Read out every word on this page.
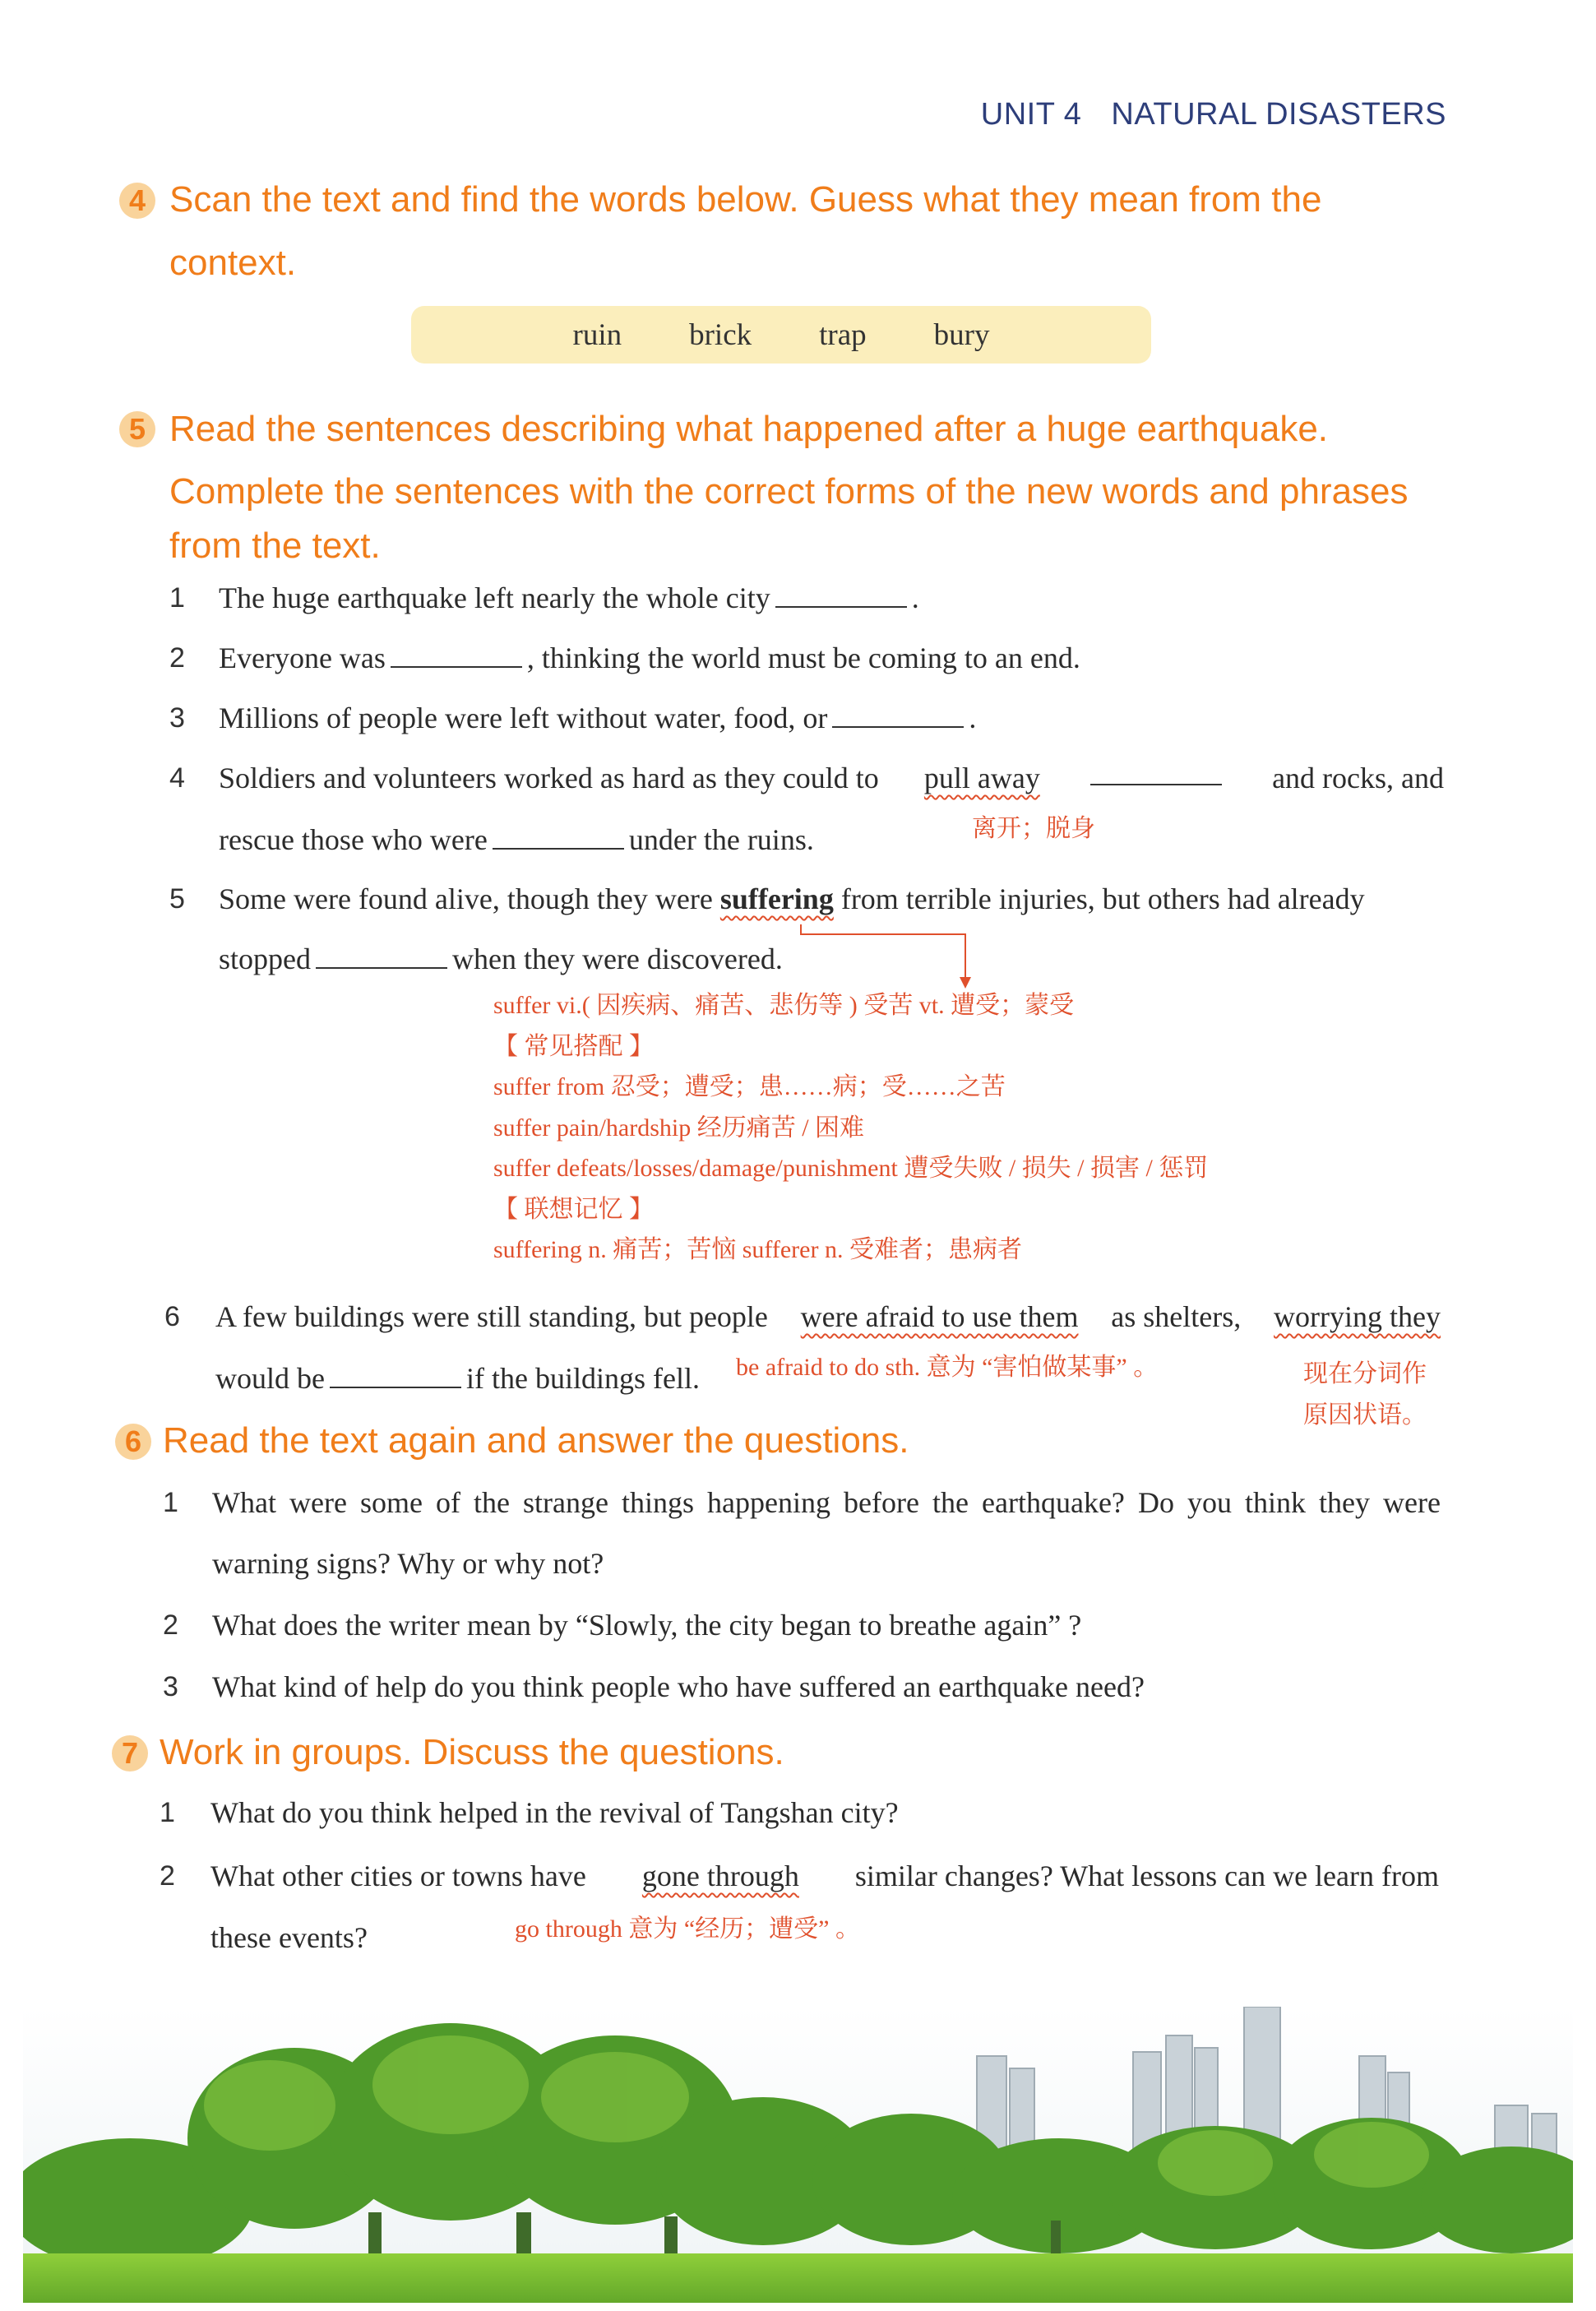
UNIT 4 NATURAL DISASTERS
4 Scan the text and find the words below. Guess what they mean from the
context.
ruin brick trap bury
5 Read the sentences describing what happened after a huge earthquake.
Complete the sentences with the correct forms of the new words and phrases
from the text.
1 The huge earthquake left nearly the whole city	.
2 Everyone was	, thinking the world must be coming to an end.
3 Millions of people were left without water, food, or	.
4 Soldiers and volunteers worked as hard as they could to pull away	and rocks, and
rescue those who were	under the ruins.	离开；脱身
5 Some were found alive, though they were suffering from terrible injuries, but others had already
stopped	when they were discovered.
suffer vi.( 因疾病、痛苦、悲伤等 ) 受苦 vt. 遭受；蒙受
【 常见搭配 】
suffer from 忍受；遭受；患……病；受……之苦
suffer pain/hardship 经历痛苦 / 困难
suffer defeats/losses/damage/punishment 遭受失败 / 损失 / 损害 / 惩罚
【 联想记忆 】
suffering n. 痛苦；苦恼 sufferer n. 受难者；患病者
6 A few buildings were still standing, but people were afraid to use them as shelters, worrying they
would be	if the buildings fell. be afraid to do sth. 意为 “害怕做某事” 。	现在分词作
原因状语。
6 Read the text again and answer the questions.
1 What were some of the strange things happening before the earthquake? Do you think they were
warning signs? Why or why not?
2 What does the writer mean by “Slowly, the city began to breathe again” ?
3 What kind of help do you think people who have suffered an earthquake need?
7 Work in groups. Discuss the questions.
1 What do you think helped in the revival of Tangshan city?
2 What other cities or towns have gone through similar changes? What lessons can we learn from
these events?	go through 意为 “经历；遭受” 。
